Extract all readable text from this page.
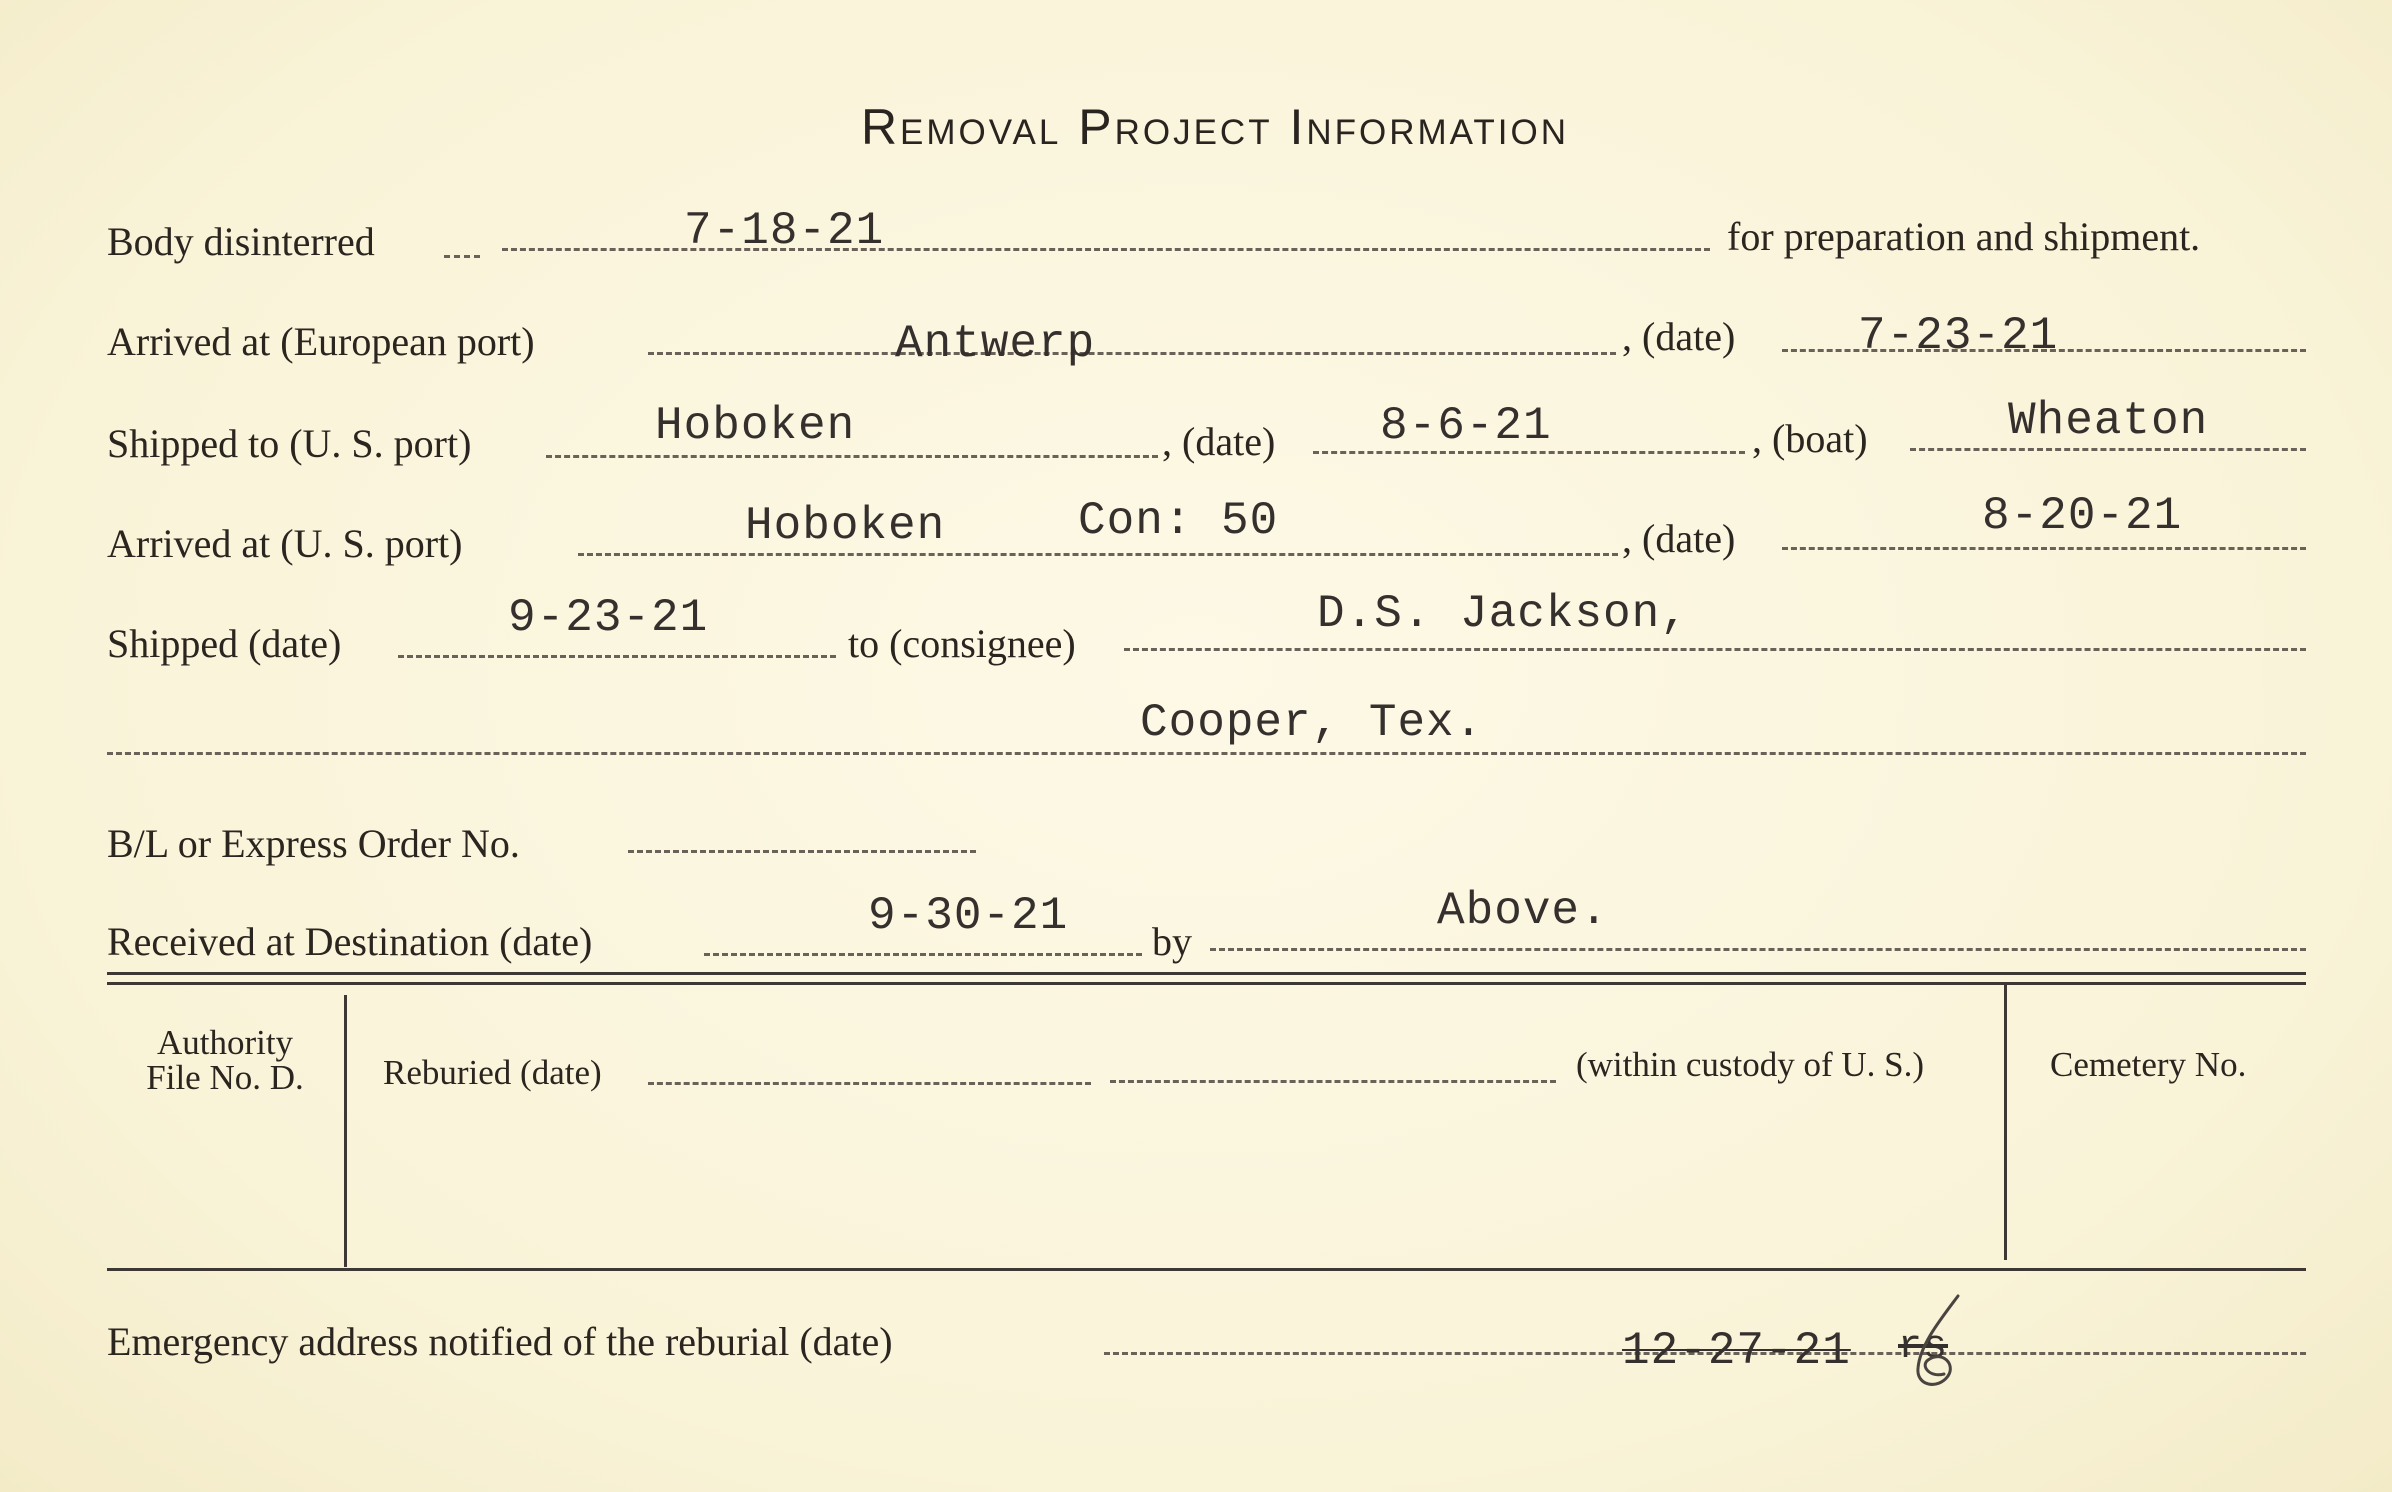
Removal Project Information
Body disinterred	7-18-21	for preparation and shipment.
Arrived at (European port)	Antwerp	, (date)	7-23-21
Shipped to (U. S. port)	Hoboken	, (date) 8-6-21	, (boat)	Wheaton
Arrived at (U. S. port)	Hoboken	Con: 50	, (date)	8-20-21
Shipped (date)	9-23-21	to (consignee)
D.S. Jackson,
Cooper, Tex.
B/L or Express Order No.
Received at Destination (date)	9-30-21 by
Above.
Authority
File No. D.	Reburied (date)	(within custody of U. S.)	Cemetery No.
Emergency address notified of the reburial (date)	12-27-21 rs
